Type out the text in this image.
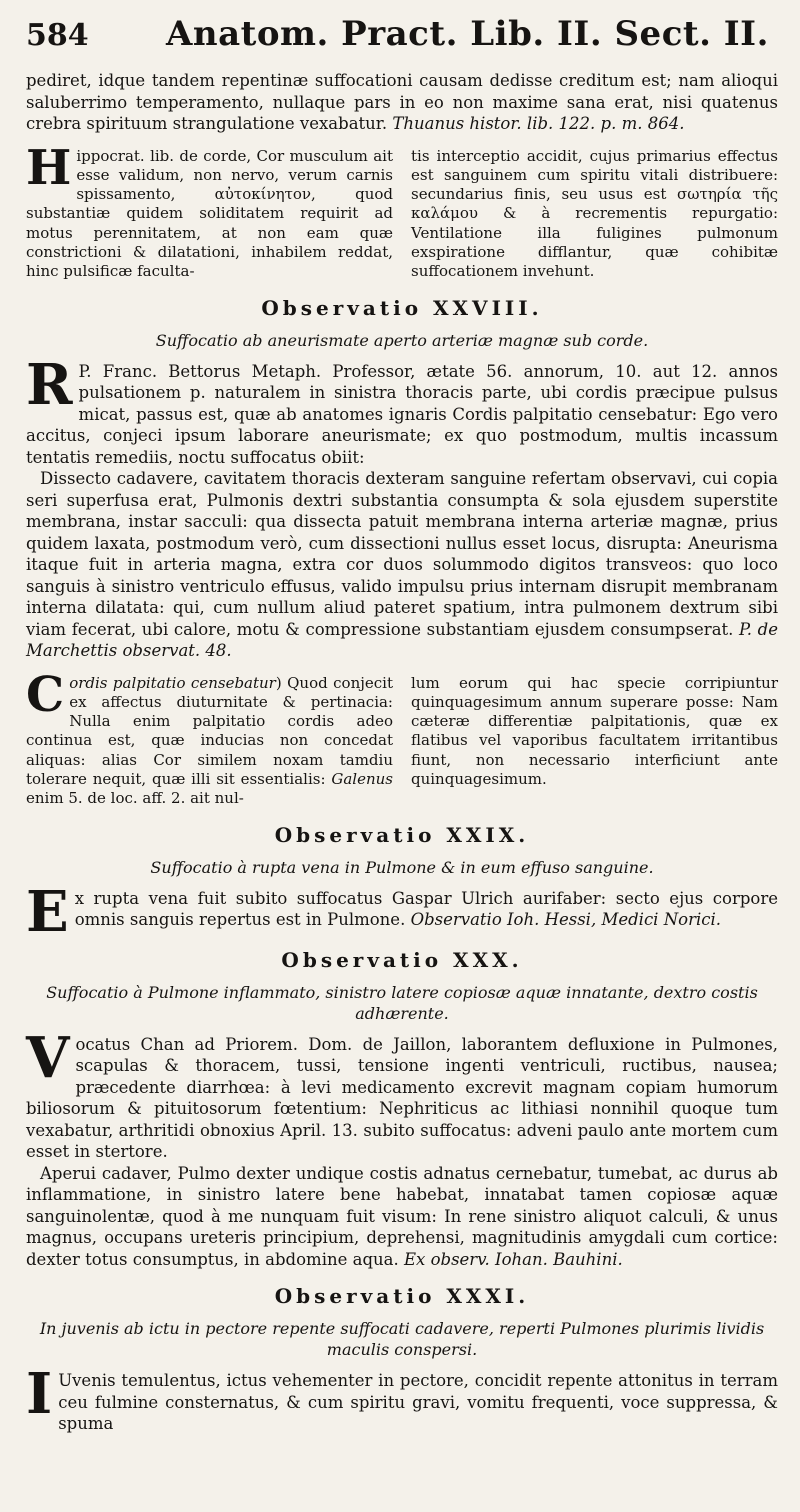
584	Anatom. Pract. Lib. II. Sect. II.

pediret, idque tandem repentinæ suffocationi causam dedisse creditum est; nam alioqui saluberrimo temperamento, nullaque pars in eo non maxime sana erat, nisi quatenus crebra spirituum strangulatione vexabatur. Thuanus histor. lib. 122. p. m. 864.

Hippocrat. lib. de corde, Cor musculum ait esse validum, non nervo, verum carnis spissamento, αὐτοκίνητον, quod substantiæ quidem soliditatem requirit ad motus perennitatem, at non eam quæ constrictioni & dilatationi, inhabilem reddat, hinc pulsificæ faculta-
tis interceptio accidit, cujus primarius effectus est sanguinem cum spiritu vitali distribuere: secundarius finis, seu usus est σωτηρία τῆς καλάμου & à recrementis repurgatio: Ventilatione illa fuligines pulmonum exspiratione difflantur, quæ cohibitæ suffocationem invehunt.
Observatio XXVIII.
Suffocatio ab aneurismate aperto arteriæ magnæ sub corde.

R P. Franc. Bettorus Metaph. Professor, ætate 56. annorum, 10. aut 12. annos pulsationem p. naturalem in sinistra thoracis parte, ubi cordis præcipue pulsus micat, passus est, quæ ab anatomes ignaris Cordis palpitatio censebatur: Ego vero accitus, conjeci ipsum laborare aneurismate; ex quo postmodum, multis incassum tentatis remediis, noctu suffocatus obiit:

Dissecto cadavere, cavitatem thoracis dexteram sanguine refertam observavi, cui copia seri superfusa erat, Pulmonis dextri substantia consumpta & sola ejusdem superstite membrana, instar sacculi: qua dissecta patuit membrana interna arteriæ magnæ, prius quidem laxata, postmodum verò, cum dissectioni nullus esset locus, disrupta: Aneurisma itaque fuit in arteria magna, extra cor duos solummodo digitos transveos: quo loco sanguis à sinistro ventriculo effusus, valido impulsu prius internam disrupit membranam interna dilatata: qui, cum nullum aliud pateret spatium, intra pulmonem dextrum sibi viam fecerat, ubi calore, motu & compressione substantiam ejusdem consumpserat. P. de Marchettis observat. 48.

Cordis palpitatio censebatur) Quod conjecit ex affectus diuturnitate & pertinacia: Nulla enim palpitatio cordis adeo continua est, quæ inducias non concedat aliquas: alias Cor similem noxam tamdiu tolerare nequit, quæ illi sit essentialis: Galenus enim 5. de loc. aff. 2. ait nul-
lum eorum qui hac specie corripiuntur quinquagesimum annum superare posse: Nam cæteræ differentiæ palpitationis, quæ ex flatibus vel vaporibus facultatem irritantibus fiunt, non necessario interficiunt ante quinquagesimum.
Observatio XXIX.
Suffocatio à rupta vena in Pulmone & in eum effuso sanguine.

Ex rupta vena fuit subito suffocatus Gaspar Ulrich aurifaber: secto ejus corpore omnis sanguis repertus est in Pulmone. Observatio Ioh. Hessi, Medici Norici.

Observatio XXX.
Suffocatio à Pulmone inflammato, sinistro latere copiosæ aquæ innatante, dextro costis adhærente.

Vocatus Chan ad Priorem. Dom. de Jaillon, laborantem defluxione in Pulmones, scapulas & thoracem, tussi, tensione ingenti ventriculi, ructibus, nausea; præcedente diarrhœa: à levi medicamento excrevit magnam copiam humorum biliosorum & pituitosorum fœtentium: Nephriticus ac lithiasi nonnihil quoque tum vexabatur, arthritidi obnoxius April. 13. subito suffocatus: adveni paulo ante mortem cum esset in stertore.

Aperui cadaver, Pulmo dexter undique costis adnatus cernebatur, tumebat, ac durus ab inflammatione, in sinistro latere bene habebat, innatabat tamen copiosæ aquæ sanguinolentæ, quod à me nunquam fuit visum: In rene sinistro aliquot calculi, & unus magnus, occupans ureteris principium, deprehensi, magnitudinis amygdali cum cortice: dexter totus consumptus, in abdomine aqua. Ex observ. Iohan. Bauhini.

Observatio XXXI.
In juvenis ab ictu in pectore repente suffocati cadavere, reperti Pulmones plurimis lividis maculis conspersi.

I Uvenis temulentus, ictus vehementer in pectore, concidit repente attonitus in terram ceu fulmine consternatus, & cum spiritu gravi, vomitu frequenti, voce suppressa, & spuma
